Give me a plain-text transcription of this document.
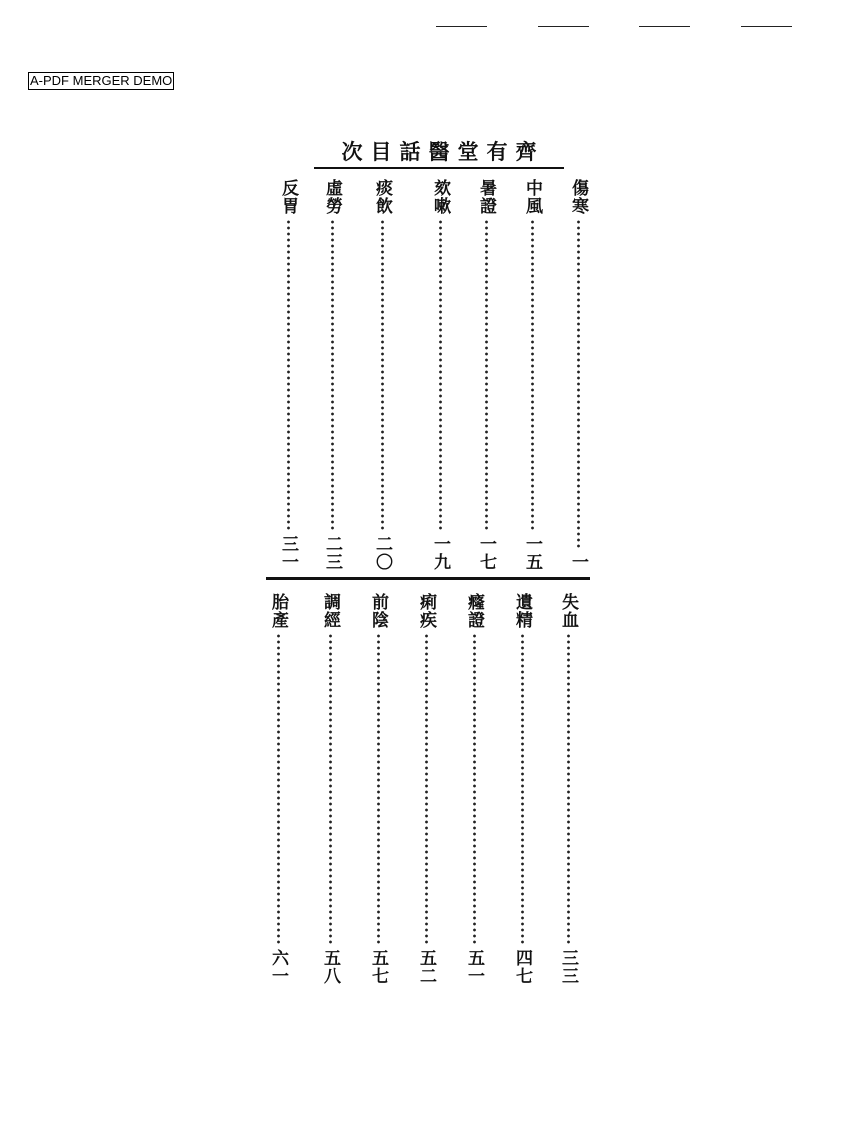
A-PDF MERGER DEMO
次目話醫堂有齊
傷寒
一
中風
一五
暑證
一七
欬嗽
一九
痰飲
二〇
虛勞
二三
反胃
三一
失血
三三
遺精
四七
癃證
五一
痢疾
五二
前陰
五七
調經
五八
胎產
六一
